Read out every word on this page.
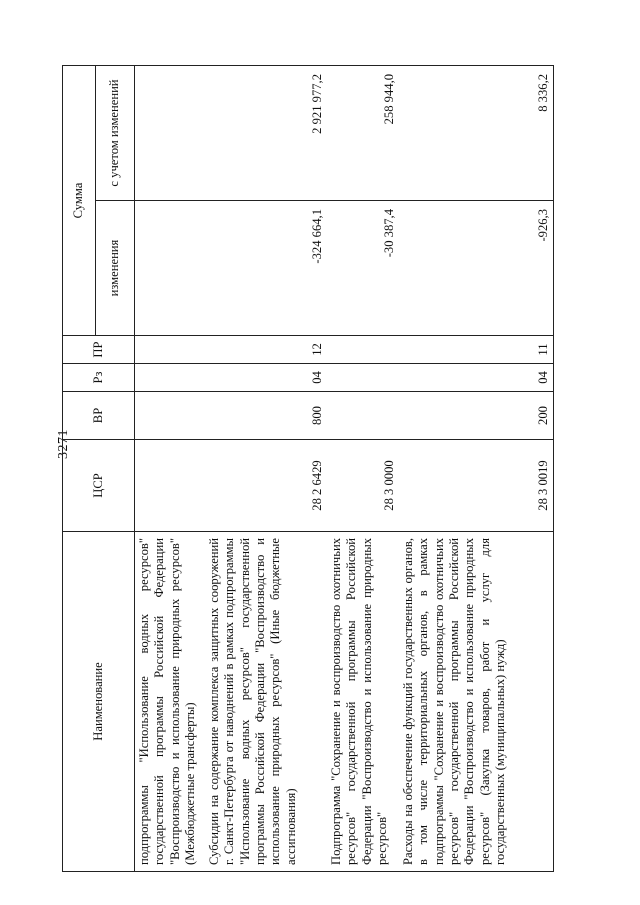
3271
Наименование	ЦСР	ВР	Рз	ПР	Сумма	
					изменения	с учетом изменений
подпрограммы "Использование водных ресурсов" государственной программы Российской Федерации "Воспроизводство и использование природных ресурсов" (Межбюджетные трансферты)						
Субсидии на содержание комплекса защитных сооружений г. Санкт-Петербурга от наводнений в рамках подпрограммы "Использование водных ресурсов" государственной программы Российской Федерации "Воспроизводство и использование природных ресурсов" (Иные бюджетные ассигнования)	28 2 6429	800	04	12	-324 664,1	2 921 977,2
Подпрограмма "Сохранение и воспроизводство охотничьих ресурсов" государственной программы Российской Федерации "Воспроизводство и использование природных ресурсов"	28 3 0000				-30 387,4	258 944,0
Расходы на обеспечение функций государственных органов, в том числе территориальных органов, в рамках подпрограммы "Сохранение и воспроизводство охотничьих ресурсов" государственной программы Российской Федерации "Воспроизводство и использование природных ресурсов" (Закупка товаров, работ и услуг для государственных (муниципальных) нужд)	28 3 0019	200	04	11	-926,3	8 336,2
